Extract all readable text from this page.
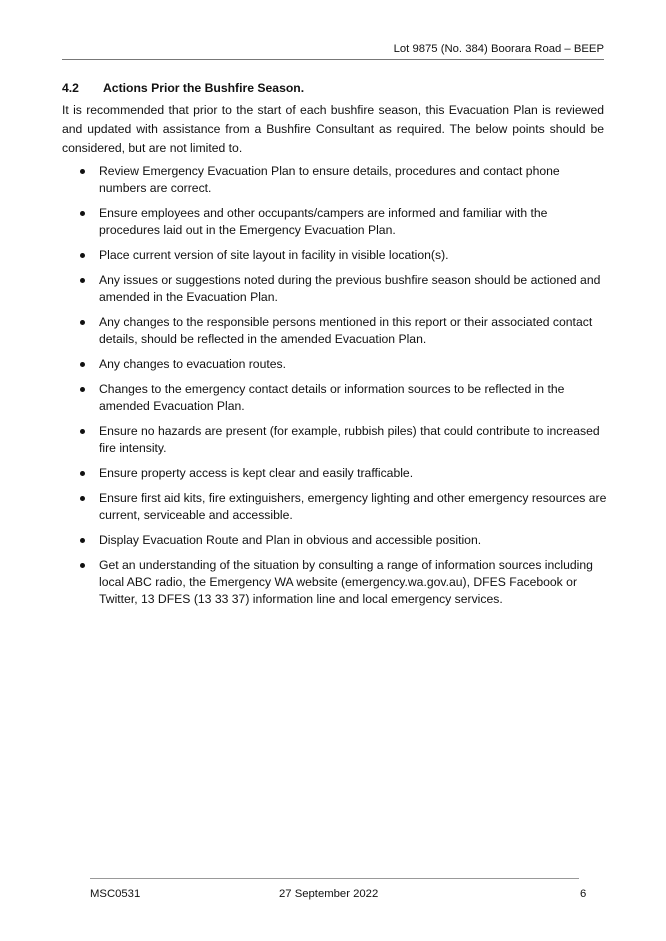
Lot 9875 (No. 384) Boorara Road – BEEP
4.2 Actions Prior the Bushfire Season.

It is recommended that prior to the start of each bushfire season, this Evacuation Plan is reviewed and updated with assistance from a Bushfire Consultant as required. The below points should be considered, but are not limited to.

Review Emergency Evacuation Plan to ensure details, procedures and contact phone numbers are correct.
Ensure employees and other occupants/campers are informed and familiar with the procedures laid out in the Emergency Evacuation Plan.
Place current version of site layout in facility in visible location(s).
Any issues or suggestions noted during the previous bushfire season should be actioned and amended in the Evacuation Plan.
Any changes to the responsible persons mentioned in this report or their associated contact details, should be reflected in the amended Evacuation Plan.
Any changes to evacuation routes.
Changes to the emergency contact details or information sources to be reflected in the amended Evacuation Plan.
Ensure no hazards are present (for example, rubbish piles) that could contribute to increased fire intensity.
Ensure property access is kept clear and easily trafficable.
Ensure first aid kits, fire extinguishers, emergency lighting and other emergency resources are current, serviceable and accessible.
Display Evacuation Route and Plan in obvious and accessible position.
Get an understanding of the situation by consulting a range of information sources including local ABC radio, the Emergency WA website (emergency.wa.gov.au), DFES Facebook or Twitter, 13 DFES (13 33 37) information line and local emergency services.
MSC0531	27 September 2022	6
